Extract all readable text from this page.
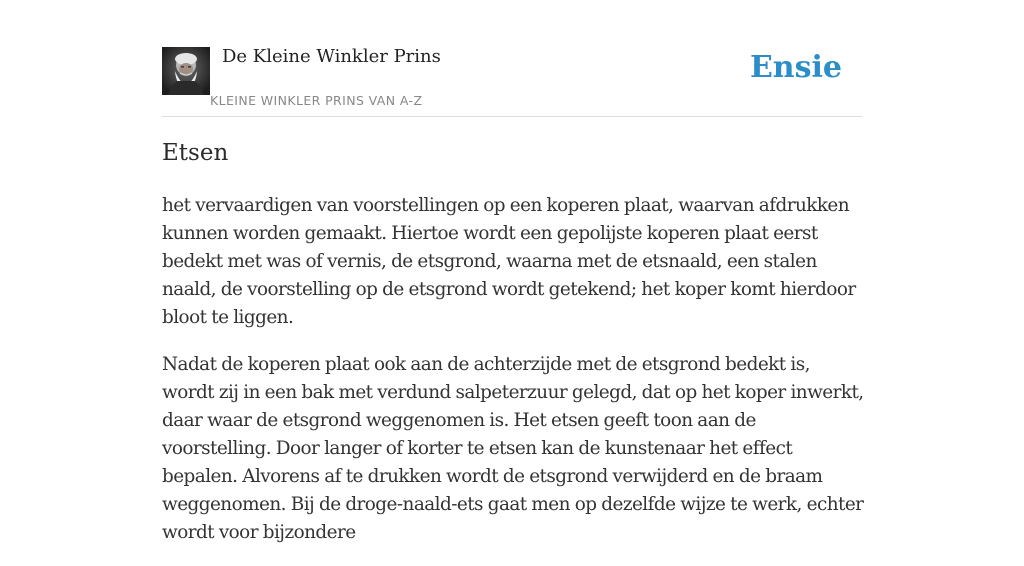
De Kleine Winkler Prins
KLEINE WINKLER PRINS VAN A-Z
Ensie
Etsen

het vervaardigen van voorstellingen op een koperen plaat, waarvan afdrukken kunnen worden gemaakt. Hiertoe wordt een gepolijste koperen plaat eerst bedekt met was of vernis, de etsgrond, waarna met de etsnaald, een stalen naald, de voorstelling op de etsgrond wordt getekend; het koper komt hierdoor bloot te liggen.

Nadat de koperen plaat ook aan de achterzijde met de etsgrond bedekt is, wordt zij in een bak met verdund salpeterzuur gelegd, dat op het koper inwerkt, daar waar de etsgrond weggenomen is. Het etsen geeft toon aan de voorstelling. Door langer of korter te etsen kan de kunstenaar het effect bepalen. Alvorens af te drukken wordt de etsgrond verwijderd en de braam weggenomen. Bij de droge-naald-ets gaat men op dezelfde wijze te werk, echter wordt voor bijzondere
